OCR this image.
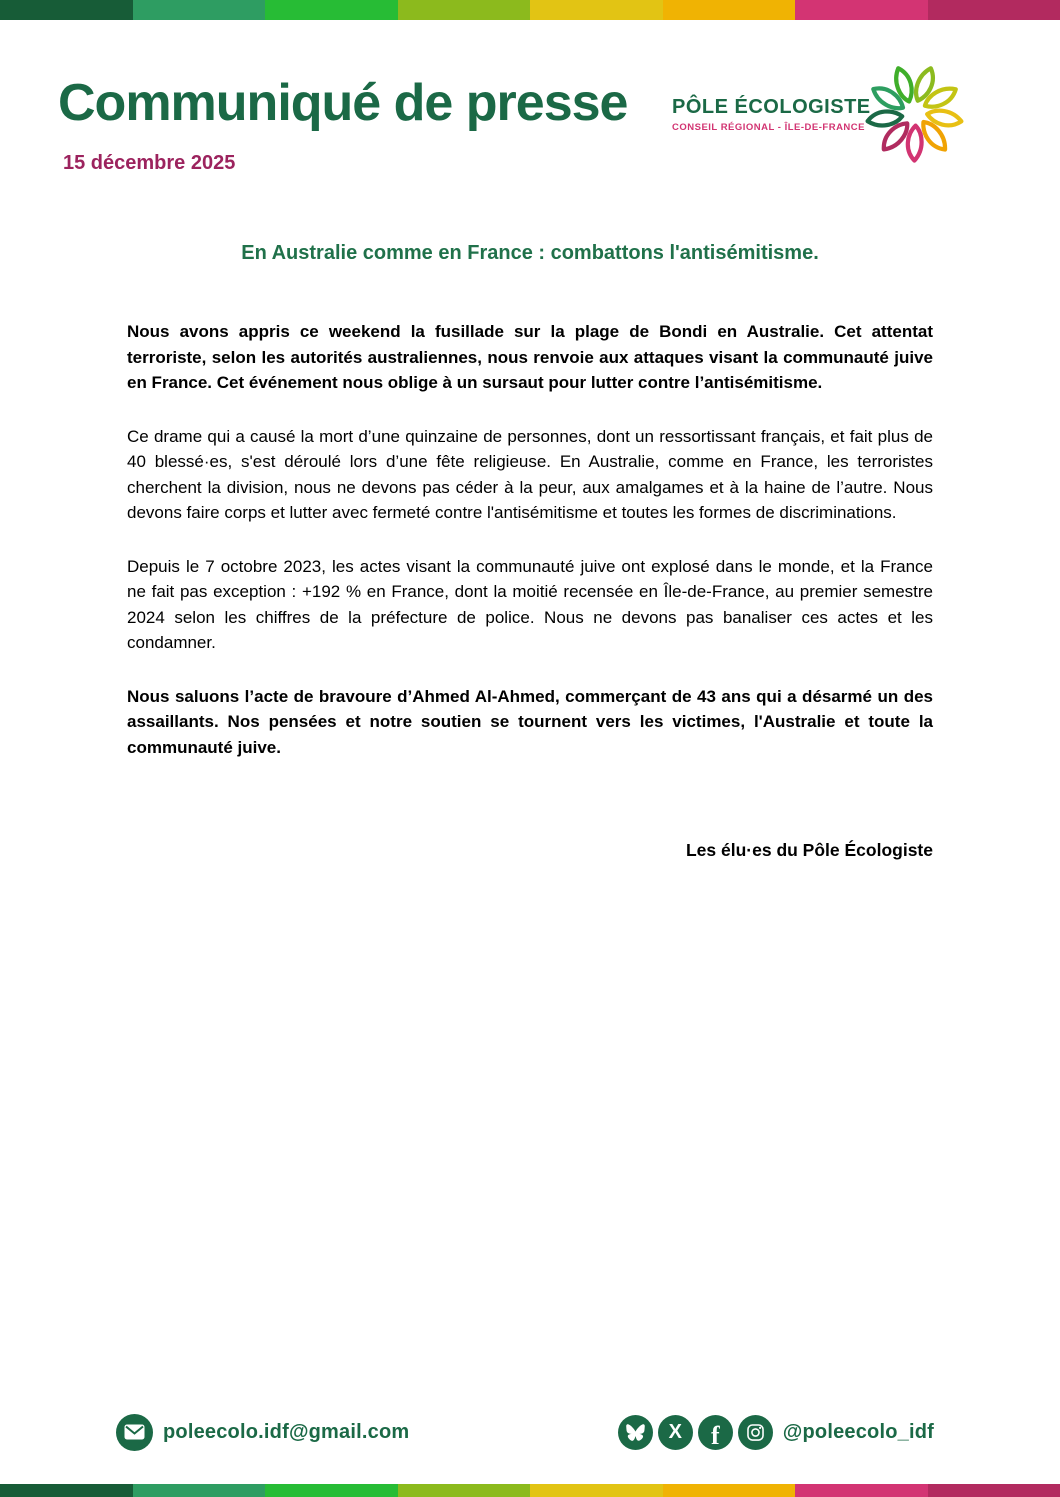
Communiqué de presse
15 décembre 2025
PÔLE ÉCOLOGISTE
CONSEIL RÉGIONAL - ÎLE-DE-FRANCE
En Australie comme en France : combattons l'antisémitisme.

Nous avons appris ce weekend la fusillade sur la plage de Bondi en Australie. Cet attentat terroriste, selon les autorités australiennes, nous renvoie aux attaques visant la communauté juive en France. Cet événement nous oblige à un sursaut pour lutter contre l’antisémitisme.

Ce drame qui a causé la mort d’une quinzaine de personnes, dont un ressortissant français, et fait plus de 40 blessé·es, s'est déroulé lors d’une fête religieuse. En Australie, comme en France, les terroristes cherchent la division, nous ne devons pas céder à la peur, aux amalgames et à la haine de l’autre. Nous devons faire corps et lutter avec fermeté contre l'antisémitisme et toutes les formes de discriminations.

Depuis le 7 octobre 2023, les actes visant la communauté juive ont explosé dans le monde, et la France ne fait pas exception : +192 % en France, dont la moitié recensée en Île-de-France, au premier semestre 2024 selon les chiffres de la préfecture de police. Nous ne devons pas banaliser ces actes et les condamner.

Nous saluons l’acte de bravoure d’Ahmed Al-Ahmed, commerçant de 43 ans qui a désarmé un des assaillants. Nos pensées et notre soutien se tournent vers les victimes, l'Australie et toute la communauté juive.

Les élu·es du Pôle Écologiste
poleecolo.idf@gmail.com	X f	@poleecolo_idf
